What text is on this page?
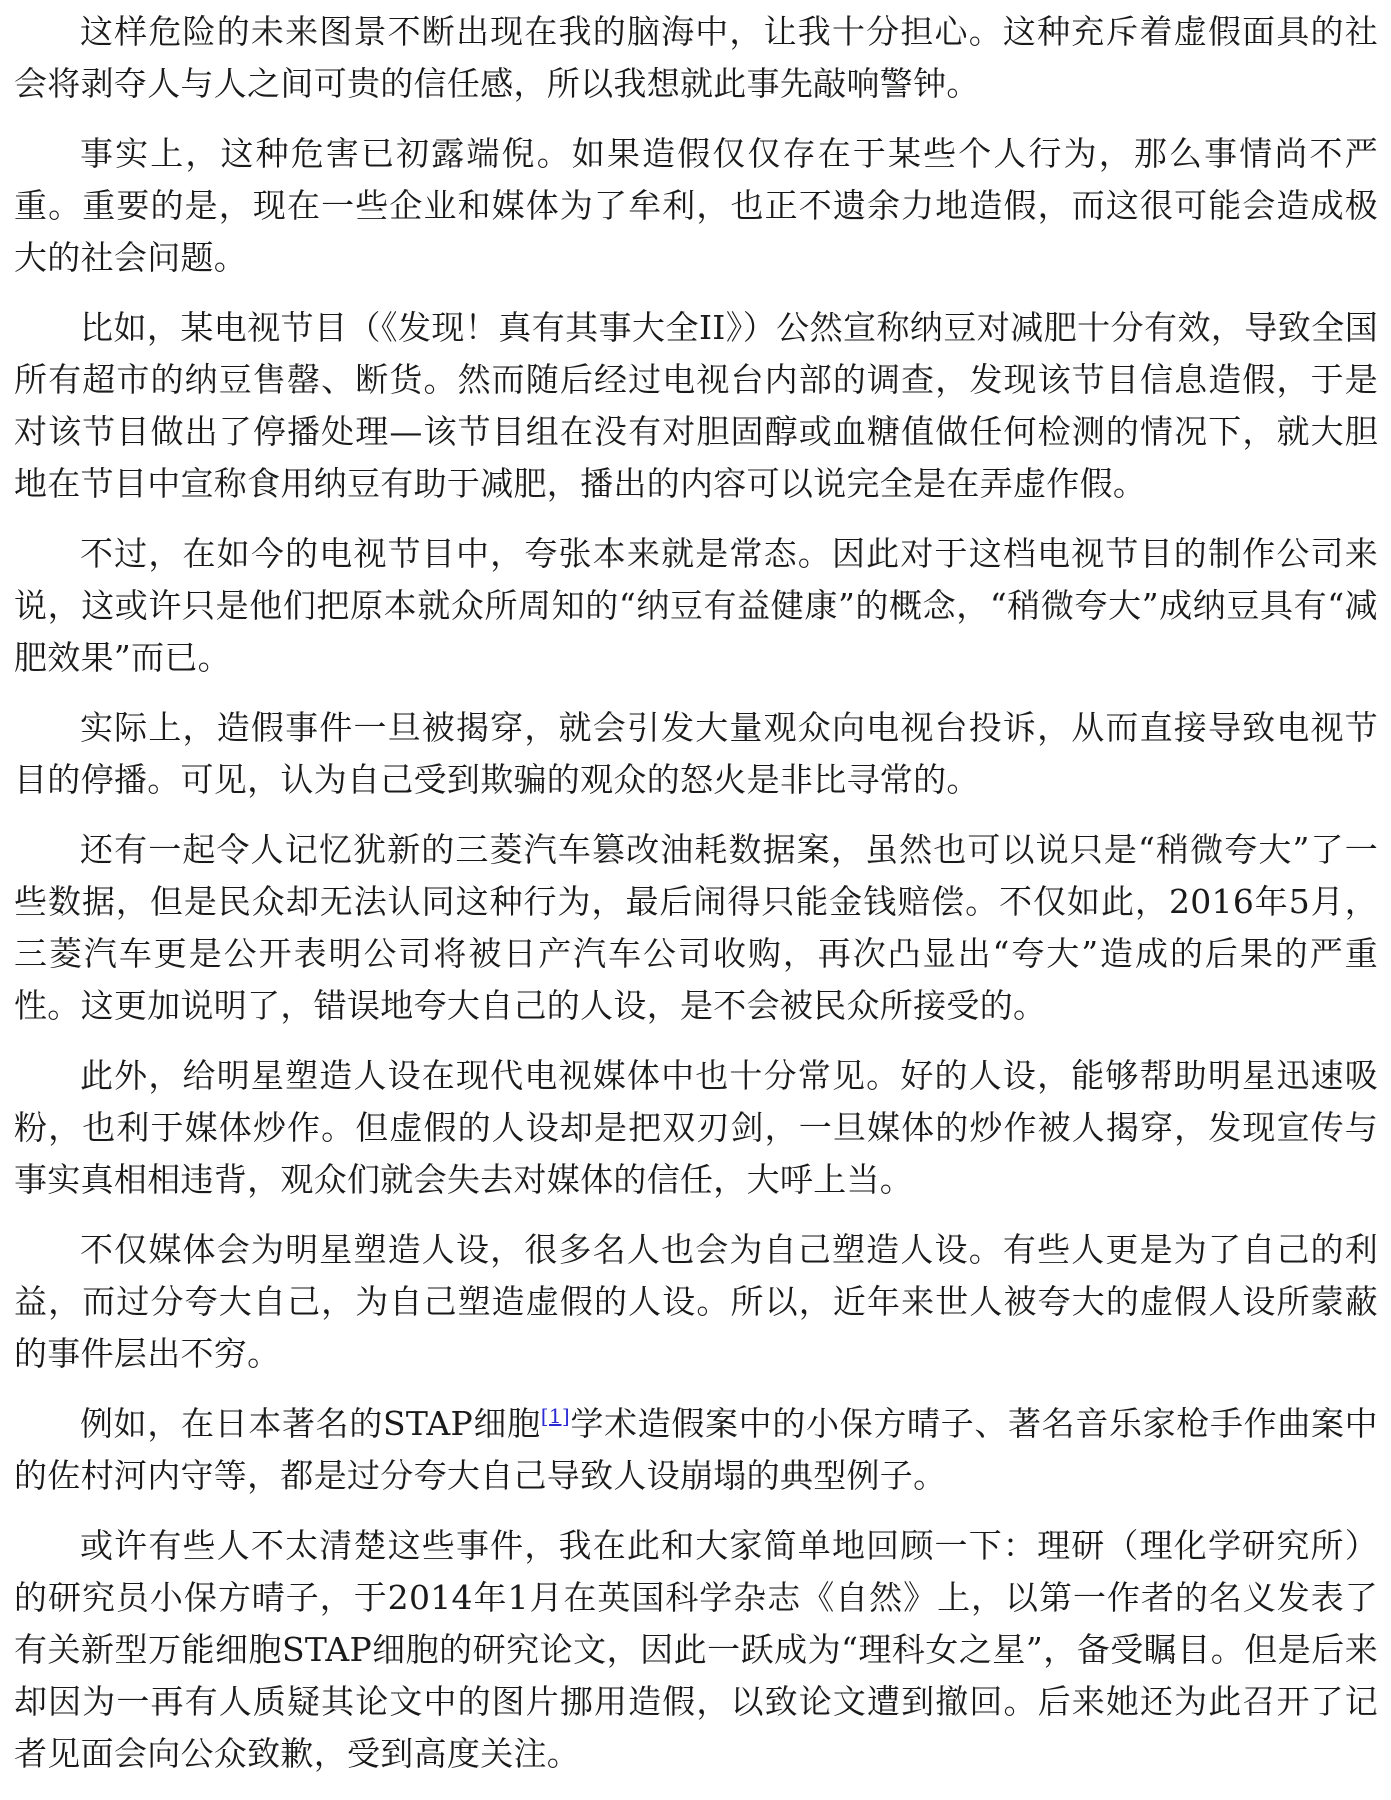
这样危险的未来图景不断出现在我的脑海中，让我十分担心。这种充斥着虚假面具的社会将剥夺人与人之间可贵的信任感，所以我想就此事先敲响警钟。

事实上，这种危害已初露端倪。如果造假仅仅存在于某些个人行为，那么事情尚不严重。重要的是，现在一些企业和媒体为了牟利，也正不遗余力地造假，而这很可能会造成极大的社会问题。

比如，某电视节目（《发现！真有其事大全II》）公然宣称纳豆对减肥十分有效，导致全国所有超市的纳豆售罄、断货。然而随后经过电视台内部的调查，发现该节目信息造假，于是对该节目做出了停播处理—该节目组在没有对胆固醇或血糖值做任何检测的情况下，就大胆地在节目中宣称食用纳豆有助于减肥，播出的内容可以说完全是在弄虚作假。

不过，在如今的电视节目中，夸张本来就是常态。因此对于这档电视节目的制作公司来说，这或许只是他们把原本就众所周知的“纳豆有益健康”的概念，“稍微夸大”成纳豆具有“减肥效果”而已。

实际上，造假事件一旦被揭穿，就会引发大量观众向电视台投诉，从而直接导致电视节目的停播。可见，认为自己受到欺骗的观众的怒火是非比寻常的。

还有一起令人记忆犹新的三菱汽车篡改油耗数据案，虽然也可以说只是“稍微夸大”了一些数据，但是民众却无法认同这种行为，最后闹得只能金钱赔偿。不仅如此，2016年5月，三菱汽车更是公开表明公司将被日产汽车公司收购，再次凸显出“夸大”造成的后果的严重性。这更加说明了，错误地夸大自己的人设，是不会被民众所接受的。

此外，给明星塑造人设在现代电视媒体中也十分常见。好的人设，能够帮助明星迅速吸粉，也利于媒体炒作。但虚假的人设却是把双刃剑，一旦媒体的炒作被人揭穿，发现宣传与事实真相相违背，观众们就会失去对媒体的信任，大呼上当。

不仅媒体会为明星塑造人设，很多名人也会为自己塑造人设。有些人更是为了自己的利益，而过分夸大自己，为自己塑造虚假的人设。所以，近年来世人被夸大的虚假人设所蒙蔽的事件层出不穷。

例如，在日本著名的STAP细胞[1]学术造假案中的小保方晴子、著名音乐家枪手作曲案中的佐村河内守等，都是过分夸大自己导致人设崩塌的典型例子。

或许有些人不太清楚这些事件，我在此和大家简单地回顾一下：理研（理化学研究所）的研究员小保方晴子，于2014年1月在英国科学杂志《自然》上，以第一作者的名义发表了有关新型万能细胞STAP细胞的研究论文，因此一跃成为“理科女之星”，备受瞩目。但是后来却因为一再有人质疑其论文中的图片挪用造假，以致论文遭到撤回。后来她还为此召开了记者见面会向公众致歉，受到高度关注。
